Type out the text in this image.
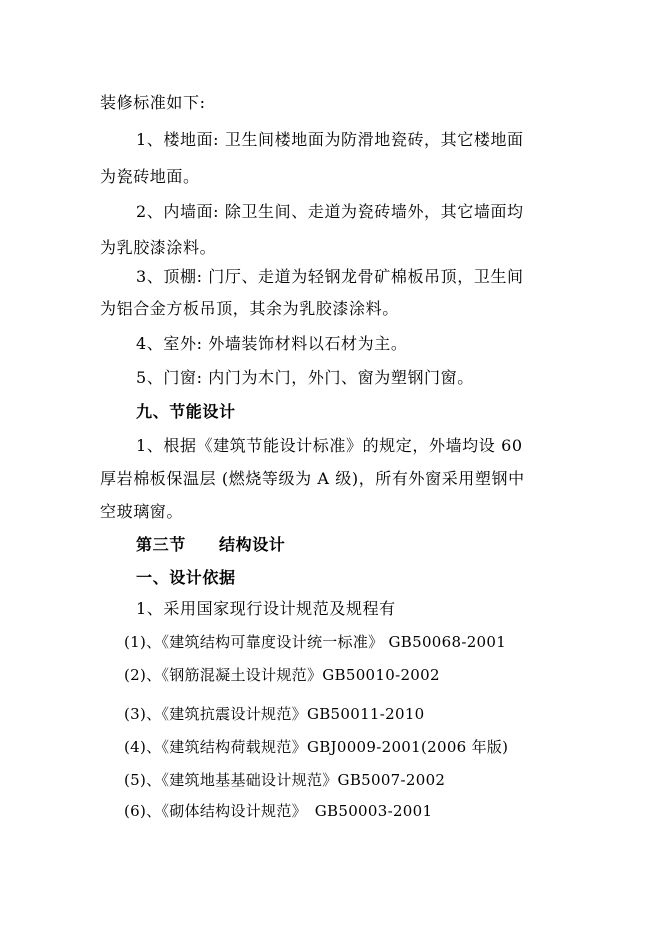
装修标准如下:
1、楼地面: 卫生间楼地面为防滑地瓷砖，其它楼地面
为瓷砖地面。
2、内墙面: 除卫生间、走道为瓷砖墙外，其它墙面均
为乳胶漆涂料。
3、顶棚: 门厅、走道为轻钢龙骨矿棉板吊顶，卫生间
为铝合金方板吊顶，其余为乳胶漆涂料。
4、室外: 外墙装饰材料以石材为主。
5、门窗: 内门为木门，外门、窗为塑钢门窗。
九、节能设计
1、根据《建筑节能设计标准》的规定，外墙均设 60
厚岩棉板保温层 (燃烧等级为 A 级)，所有外窗采用塑钢中
空玻璃窗。
第三节　　结构设计
一、设计依据
1、采用国家现行设计规范及规程有
(1)、《建筑结构可靠度设计统一标准》 GB50068-2001
(2)、《钢筋混凝土设计规范》GB50010-2002
(3)、《建筑抗震设计规范》GB50011-2010
(4)、《建筑结构荷载规范》GBJ0009-2001(2006 年版)
(5)、《建筑地基基础设计规范》GB5007-2002
(6)、《砌体结构设计规范》　GB50003-2001
